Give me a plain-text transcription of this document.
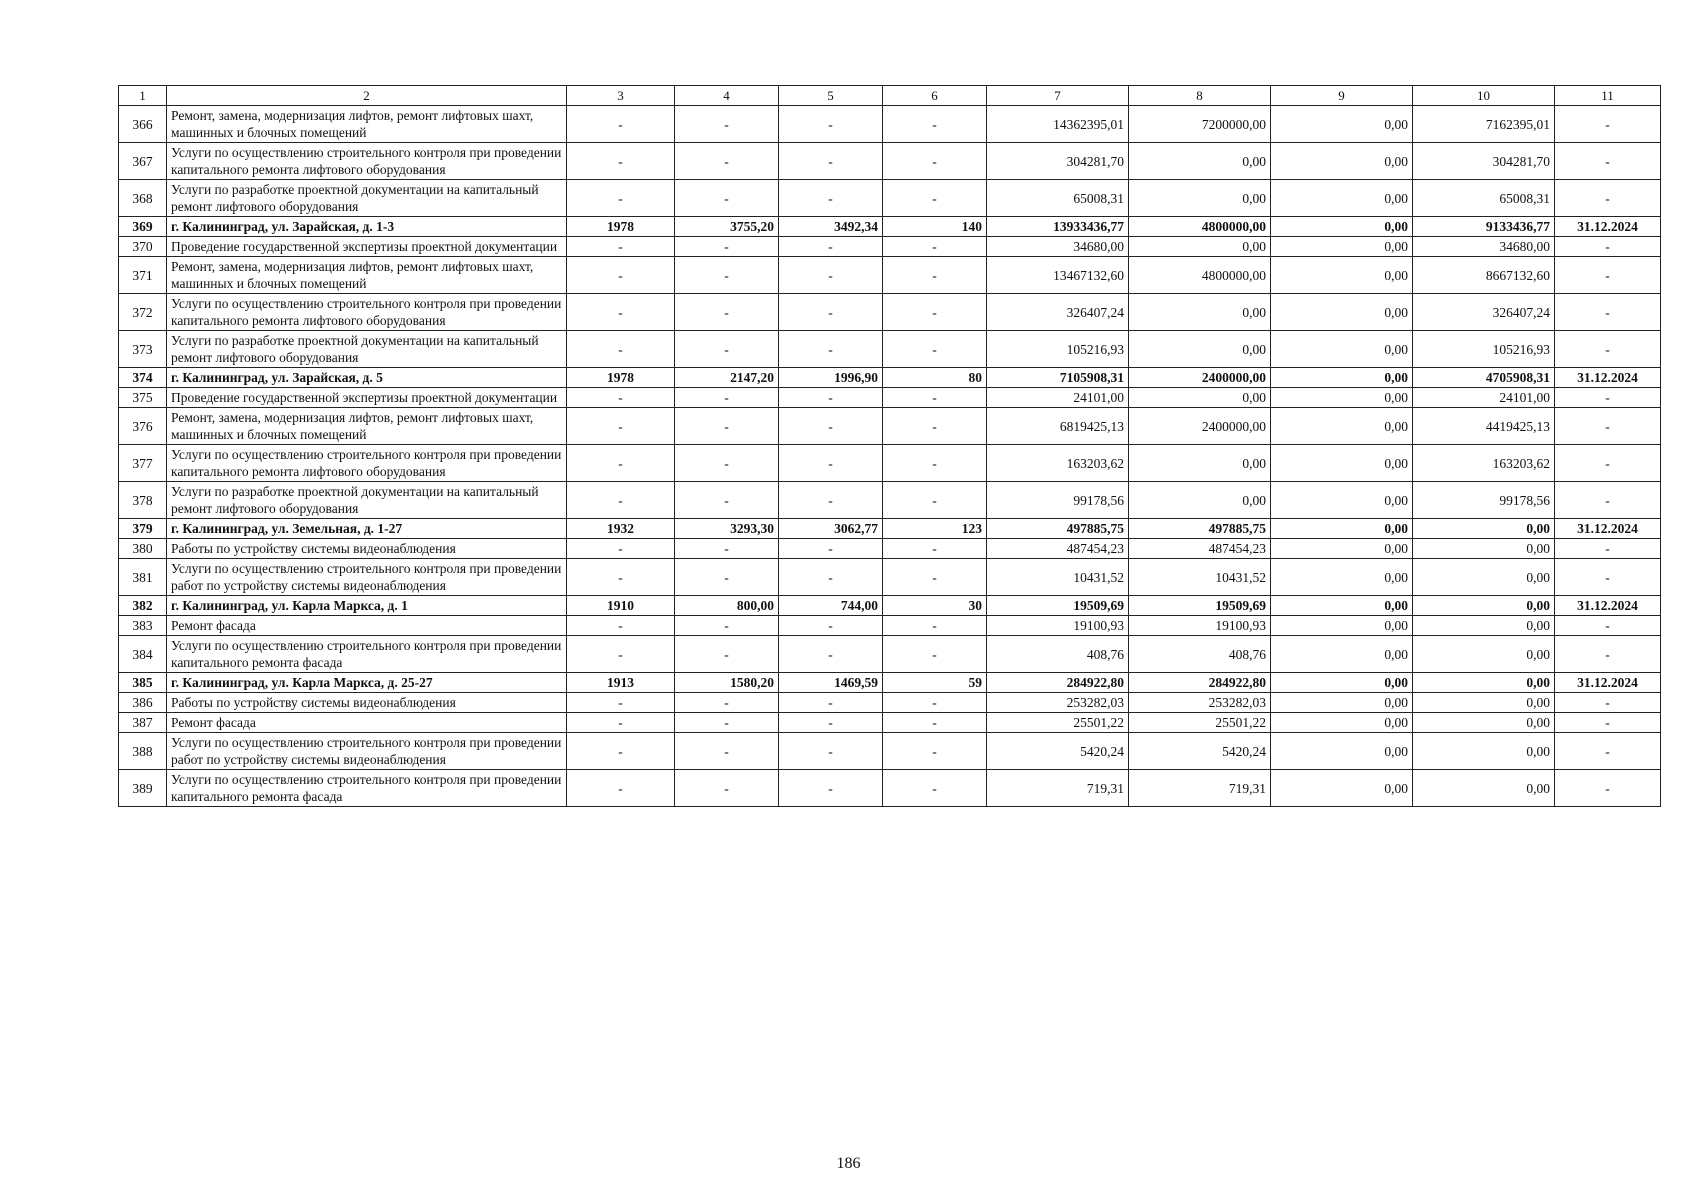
1	2	3	4	5	6	7	8	9	10	11
366	Ремонт, замена, модернизация лифтов, ремонт лифтовых шахт, машинных и блочных помещений	-	-	-	-	14362395,01	7200000,00	0,00	7162395,01	-
367	Услуги по осуществлению строительного контроля при проведении капитального ремонта лифтового оборудования	-	-	-	-	304281,70	0,00	0,00	304281,70	-
368	Услуги по разработке проектной документации на капитальный ремонт лифтового оборудования	-	-	-	-	65008,31	0,00	0,00	65008,31	-
369	г. Калининград, ул. Зарайская, д. 1-3	1978	3755,20	3492,34	140	13933436,77	4800000,00	0,00	9133436,77	31.12.2024
370	Проведение государственной экспертизы проектной документации	-	-	-	-	34680,00	0,00	0,00	34680,00	-
371	Ремонт, замена, модернизация лифтов, ремонт лифтовых шахт, машинных и блочных помещений	-	-	-	-	13467132,60	4800000,00	0,00	8667132,60	-
372	Услуги по осуществлению строительного контроля при проведении капитального ремонта лифтового оборудования	-	-	-	-	326407,24	0,00	0,00	326407,24	-
373	Услуги по разработке проектной документации на капитальный ремонт лифтового оборудования	-	-	-	-	105216,93	0,00	0,00	105216,93	-
374	г. Калининград, ул. Зарайская, д. 5	1978	2147,20	1996,90	80	7105908,31	2400000,00	0,00	4705908,31	31.12.2024
375	Проведение государственной экспертизы проектной документации	-	-	-	-	24101,00	0,00	0,00	24101,00	-
376	Ремонт, замена, модернизация лифтов, ремонт лифтовых шахт, машинных и блочных помещений	-	-	-	-	6819425,13	2400000,00	0,00	4419425,13	-
377	Услуги по осуществлению строительного контроля при проведении капитального ремонта лифтового оборудования	-	-	-	-	163203,62	0,00	0,00	163203,62	-
378	Услуги по разработке проектной документации на капитальный ремонт лифтового оборудования	-	-	-	-	99178,56	0,00	0,00	99178,56	-
379	г. Калининград, ул. Земельная, д. 1-27	1932	3293,30	3062,77	123	497885,75	497885,75	0,00	0,00	31.12.2024
380	Работы по устройству системы видеонаблюдения	-	-	-	-	487454,23	487454,23	0,00	0,00	-
381	Услуги по осуществлению строительного контроля при проведении работ по устройству системы видеонаблюдения	-	-	-	-	10431,52	10431,52	0,00	0,00	-
382	г. Калининград, ул. Карла Маркса, д. 1	1910	800,00	744,00	30	19509,69	19509,69	0,00	0,00	31.12.2024
383	Ремонт фасада	-	-	-	-	19100,93	19100,93	0,00	0,00	-
384	Услуги по осуществлению строительного контроля при проведении капитального ремонта фасада	-	-	-	-	408,76	408,76	0,00	0,00	-
385	г. Калининград, ул. Карла Маркса, д. 25-27	1913	1580,20	1469,59	59	284922,80	284922,80	0,00	0,00	31.12.2024
386	Работы по устройству системы видеонаблюдения	-	-	-	-	253282,03	253282,03	0,00	0,00	-
387	Ремонт фасада	-	-	-	-	25501,22	25501,22	0,00	0,00	-
388	Услуги по осуществлению строительного контроля при проведении работ по устройству системы видеонаблюдения	-	-	-	-	5420,24	5420,24	0,00	0,00	-
389	Услуги по осуществлению строительного контроля при проведении капитального ремонта фасада	-	-	-	-	719,31	719,31	0,00	0,00	-
186
